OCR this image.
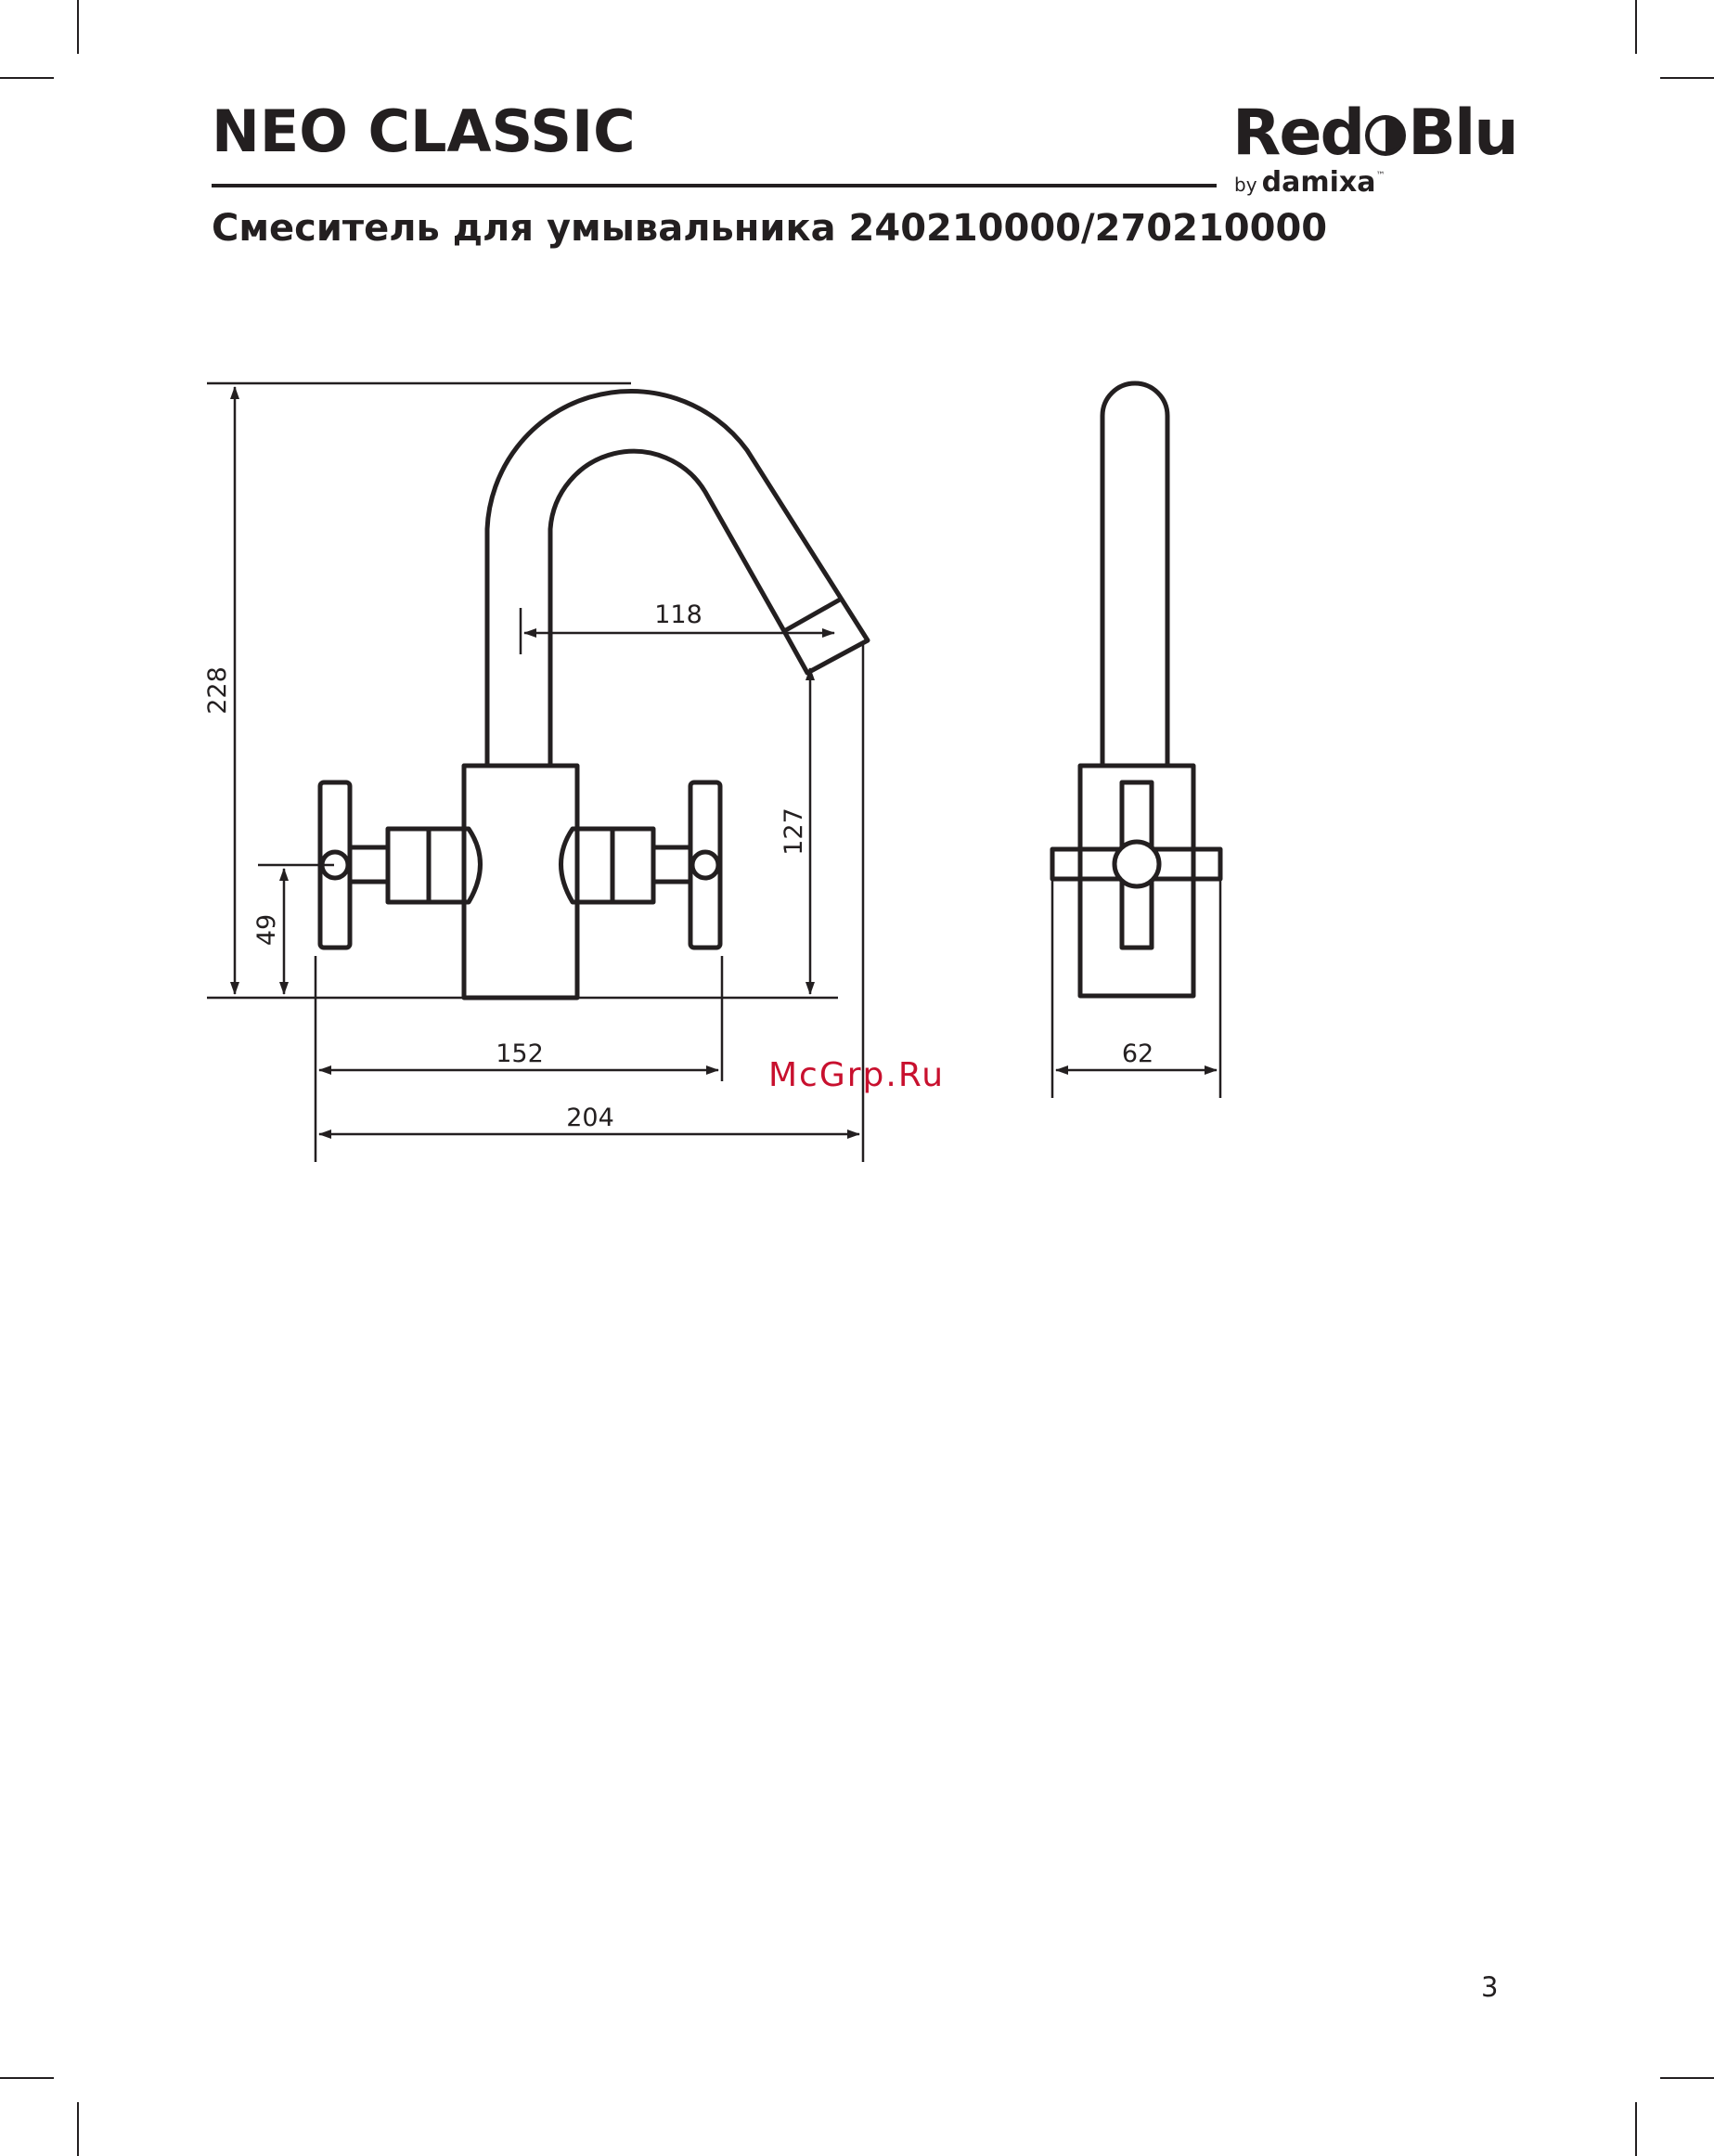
NEO CLASSIC
Смеситель для умывальника 240210000/270210000
Red Blu
by damixa™
228
49
118
127
152
204
62
McGrp.Ru
3
